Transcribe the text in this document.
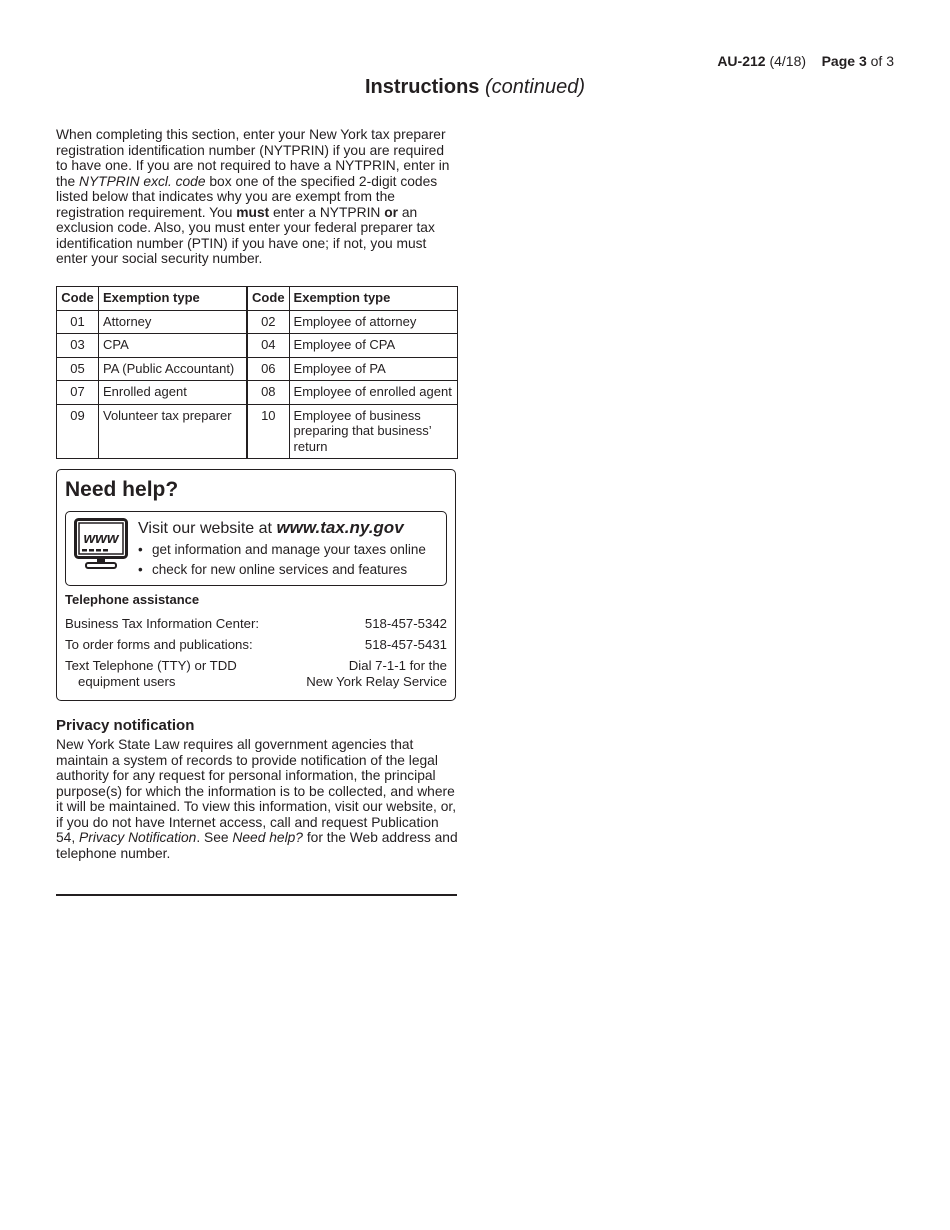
AU-212 (4/18) Page 3 of 3
Instructions (continued)
When completing this section, enter your New York tax preparer registration identification number (NYTPRIN) if you are required to have one. If you are not required to have a NYTPRIN, enter in the NYTPRIN excl. code box one of the specified 2-digit codes listed below that indicates why you are exempt from the registration requirement. You must enter a NYTPRIN or an exclusion code. Also, you must enter your federal preparer tax identification number (PTIN) if you have one; if not, you must enter your social security number.
Code	Exemption type	Code	Exemption type
01	Attorney	02	Employee of attorney
03	CPA	04	Employee of CPA
05	PA (Public Accountant)	06	Employee of PA
07	Enrolled agent	08	Employee of enrolled agent
09	Volunteer tax preparer	10	Employee of business preparing that business’ return
Need help?
www
Visit our website at www.tax.ny.gov
• get information and manage your taxes online
• check for new online services and features
Telephone assistance
Business Tax Information Center:	518-457-5342
To order forms and publications:	518-457-5431
Text Telephone (TTY) or TDD
equipment users
Dial 7-1-1 for the
New York Relay Service
Privacy notification
New York State Law requires all government agencies that maintain a system of records to provide notification of the legal authority for any request for personal information, the principal purpose(s) for which the information is to be collected, and where it will be maintained. To view this information, visit our website, or, if you do not have Internet access, call and request Publication 54, Privacy Notification. See Need help? for the Web address and telephone number.
